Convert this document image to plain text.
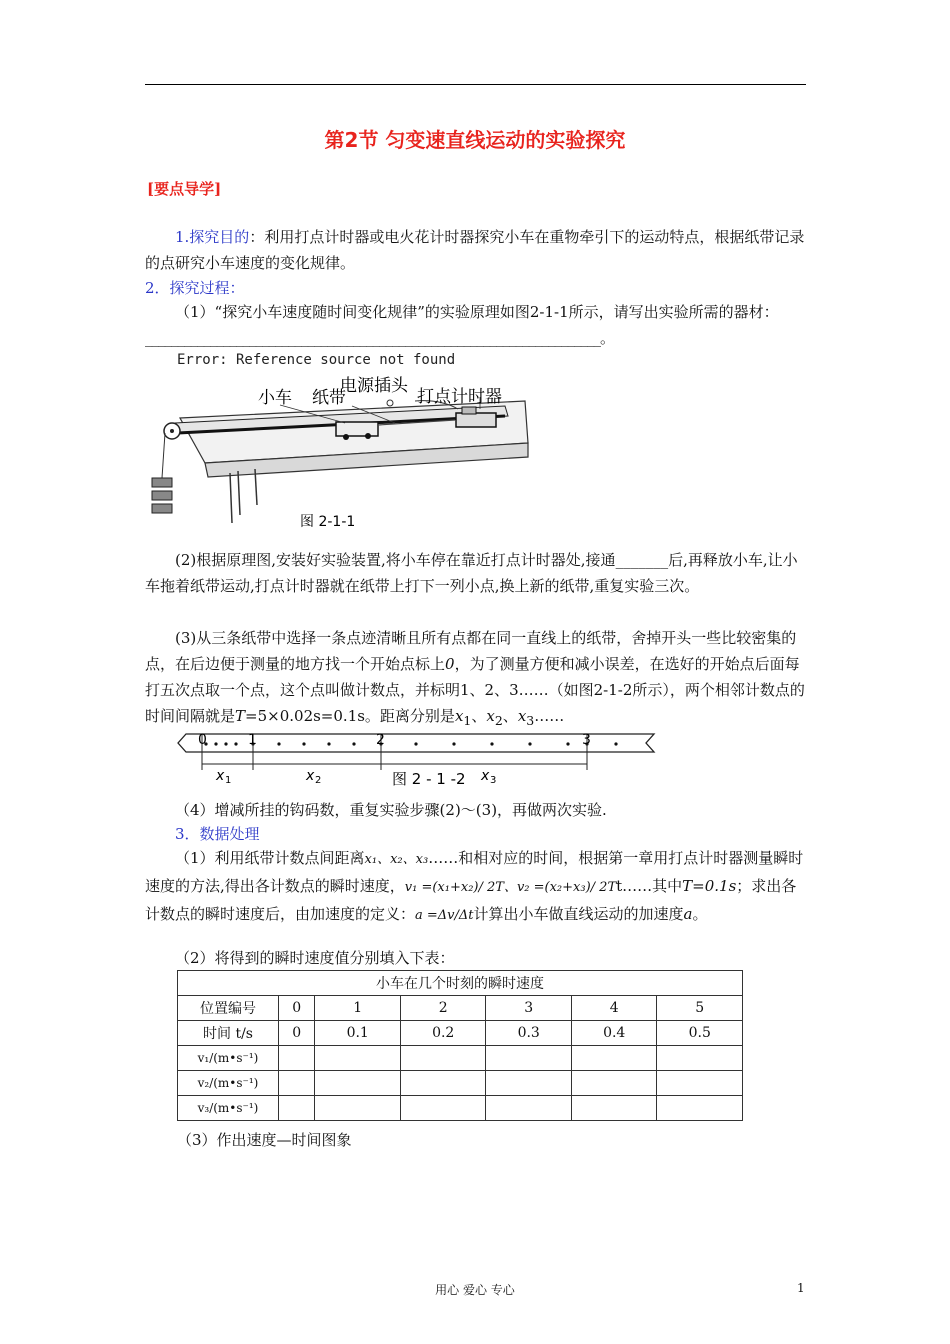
第2节 匀变速直线运动的实验探究
[要点导学]
1.探究目的：利用打点计时器或电火花计时器探究小车在重物牵引下的运动特点，根据纸带记录的点研究小车速度的变化规律。
2．探究过程：
（1）“探究小车速度随时间变化规律”的实验原理如图2-1-1所示，请写出实验所需的器材：______________________________________________________________________。
Error: Reference source not found
小车 纸带
电源插头
打点计时器
图 2-1-1
(2)根据原理图,安装好实验装置,将小车停在靠近打点计时器处,接通_______后,再释放小车,让小车拖着纸带运动,打点计时器就在纸带上打下一列小点,换上新的纸带,重复实验三次。
(3)从三条纸带中选择一条点迹清晰且所有点都在同一直线上的纸带，舍掉开头一些比较密集的点，在后边便于测量的地方找一个开始点标上0，为了测量方便和减小误差，在选好的开始点后面每打五次点取一个点，这个点叫做计数点，并标明1、2、3……（如图2-1-2所示），两个相邻计数点的时间间隔就是T=5×0.02s=0.1s。距离分别是$x_1$、$x_2$、$x_3\dots\dots$
0	1	2	3
x 1	x 2	x 3
图 2 - 1 -2
（4）增减所挂的钩码数，重复实验步骤(2)～(3)，再做两次实验.
3．数据处理
（1）利用纸带计数点间距离x₁、x₂、x₃……和相对应的时间，根据第一章用打点计时器测量瞬时速度的方法,得出各计数点的瞬时速度，v₁ =(x₁+x₂)/ 2T、v₂ =(x₂+x₃)/ 2Tt……其中T=0.1s；求出各计数点的瞬时速度后，由加速度的定义：a =Δv/Δt计算出小车做直线运动的加速度a。
（2）将得到的瞬时速度值分别填入下表：
小车在几个时刻的瞬时速度						
位置编号	0	1	2	3	4	5
时间 t/s	0	0.1	0.2	0.3	0.4	0.5
v₁/(m•s⁻¹)						
v₂/(m•s⁻¹)						
v₃/(m•s⁻¹)						
（3）作出速度—时间图象
用心 爱心 专心	1
